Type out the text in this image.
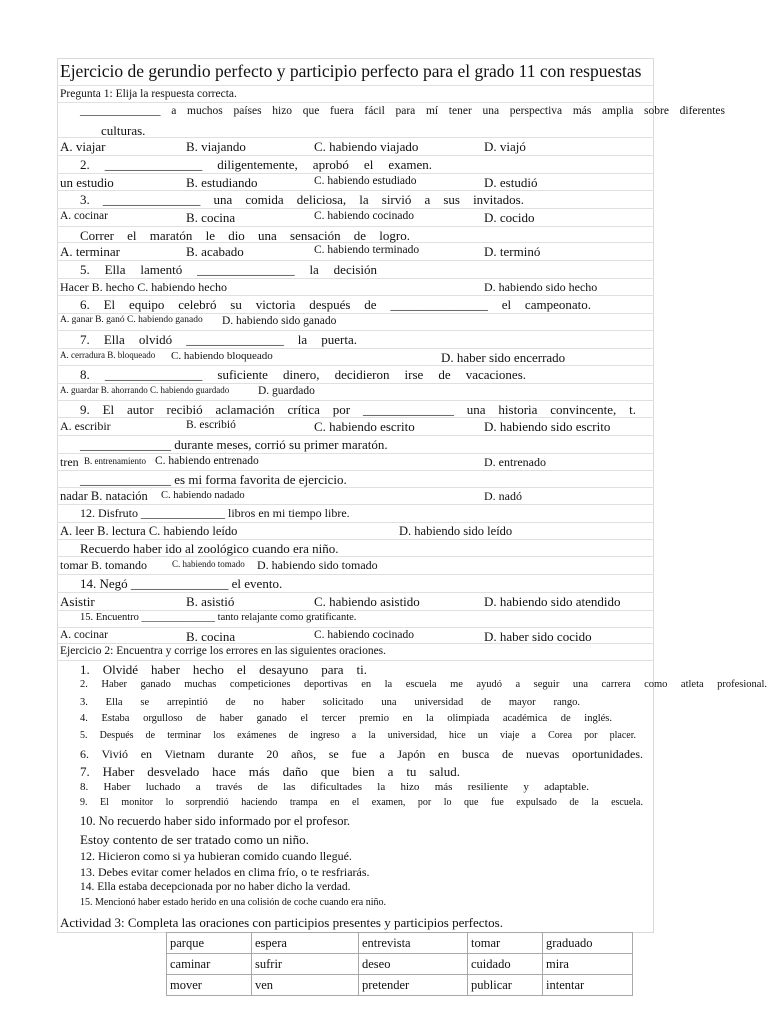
Ejercicio de gerundio perfecto y participio perfecto para el grado 11 con respuestas
Pregunta 1: Elija la respuesta correcta.
______________ a muchos países hizo que fuera fácil para mí tener una perspectiva más amplia sobre diferentes
culturas.
A. viajar	B. viajando	C. habiendo viajado	D. viajó
2. _______________ diligentemente, aprobó el examen.
un estudio	B. estudiando	C. habiendo estudiado	D. estudió
3. _______________ una comida deliciosa, la sirvió a sus invitados.
A. cocinar	B. cocina	C. habiendo cocinado	D. cocido
Correr el maratón le dio una sensación de logro.
A. terminar	B. acabado	C. habiendo terminado	D. terminó
5. Ella lamentó _______________ la decisión
Hacer B. hecho C. habiendo hecho	D. habiendo sido hecho
6. El equipo celebró su victoria después de _______________ el campeonato.
A. ganar B. ganó C. habiendo ganado D. habiendo sido ganado
7. Ella olvidó _______________ la puerta.
A. cerradura B. bloqueado C. habiendo bloqueado	D. haber sido encerrado
8. _______________ suficiente dinero, decidieron irse de vacaciones.
A. guardar B. ahorrando C. habiendo guardado	D. guardado
9. El autor recibió aclamación crítica por ______________ una historia convincente, t.
A. escribir	B. escribió	C. habiendo escrito	D. habiendo sido escrito
______________ durante meses, corrió su primer maratón.
tren B. entrenamiento C. habiendo entrenado	D. entrenado
______________ es mi forma favorita de ejercicio.
nadar B. natación C. habiendo nadado	D. nadó
12. Disfruto ______________ libros en mi tiempo libre.
A. leer B. lectura C. habiendo leído	D. habiendo sido leído
Recuerdo haber ido al zoológico cuando era niño.
tomar B. tomando	C. habiendo tomado D. habiendo sido tomado
14. Negó _______________ el evento.
Asistir	B. asistió	C. habiendo asistido	D. habiendo sido atendido
15. Encuentro ______________ tanto relajante como gratificante.
A. cocinar	B. cocina	C. habiendo cocinado	D. haber sido cocido
Ejercicio 2: Encuentra y corrige los errores en las siguientes oraciones.
1. Olvidé haber hecho el desayuno para ti.
2. Haber ganado muchas competiciones deportivas en la escuela me ayudó a seguir una carrera como atleta profesional.
3. Ella se arrepintió de no haber solicitado una universidad de mayor rango.
4. Estaba orgulloso de haber ganado el tercer premio en la olimpiada académica de inglés.
5. Después de terminar los exámenes de ingreso a la universidad, hice un viaje a Corea por placer.
6. Vivió en Vietnam durante 20 años, se fue a Japón en busca de nuevas oportunidades.
7. Haber desvelado hace más daño que bien a tu salud.
8. Haber luchado a través de las dificultades la hizo más resiliente y adaptable.
9. El monitor lo sorprendió haciendo trampa en el examen, por lo que fue expulsado de la escuela.
10. No recuerdo haber sido informado por el profesor.
Estoy contento de ser tratado como un niño.
12. Hicieron como si ya hubieran comido cuando llegué.
13. Debes evitar comer helados en clima frío, o te resfriarás.
14. Ella estaba decepcionada por no haber dicho la verdad.
15. Mencionó haber estado herido en una colisión de coche cuando era niño.
Actividad 3: Completa las oraciones con participios presentes y participios perfectos.
parque	espera	entrevista	tomar	graduado
caminar	sufrir	deseo	cuidado	mira
mover	ven	pretender	publicar	intentar
